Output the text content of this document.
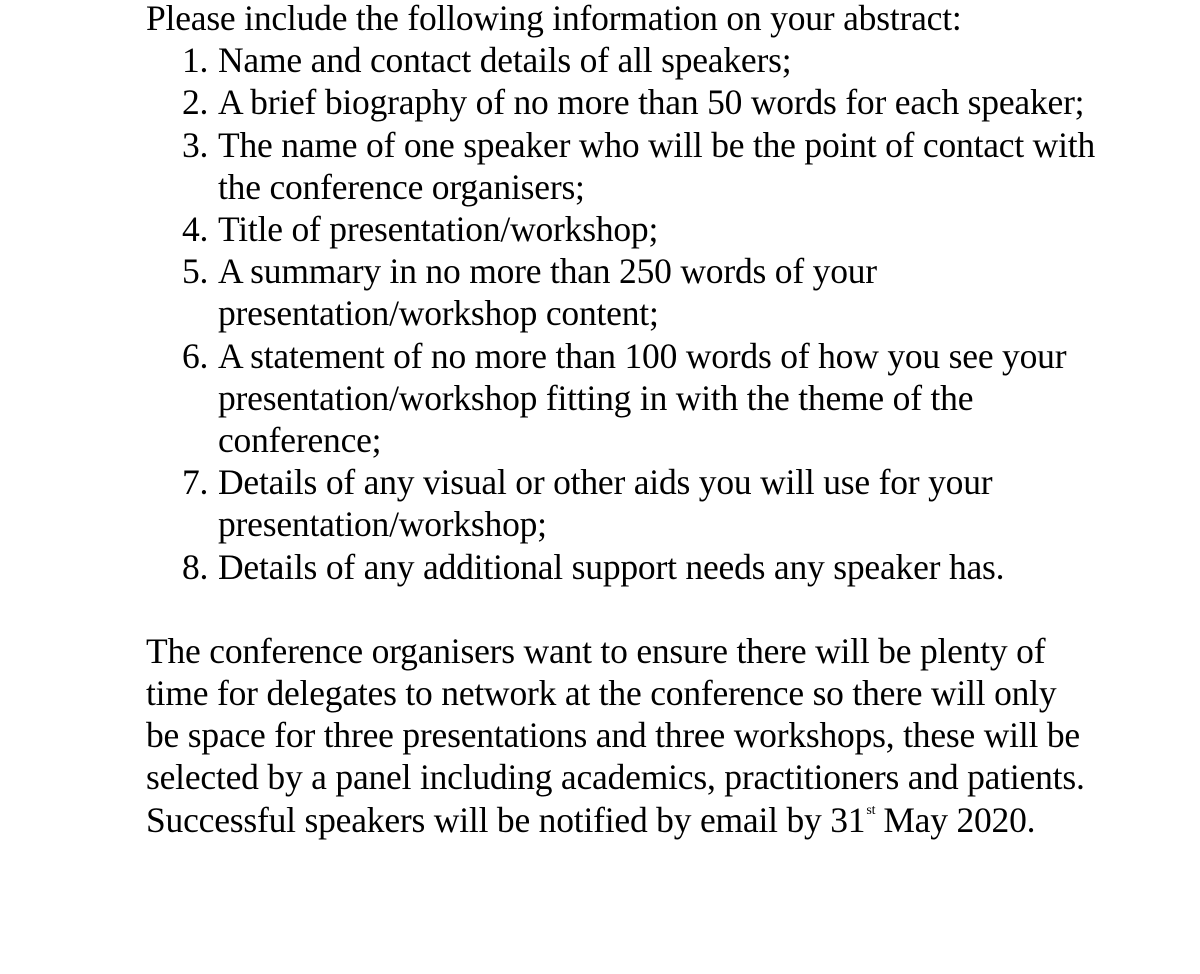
Please include the following information on your abstract:

1. Name and contact details of all speakers;
2. A brief biography of no more than 50 words for each speaker;
3. The name of one speaker who will be the point of contact with the conference organisers;
4. Title of presentation/workshop;
5. A summary in no more than 250 words of your presentation/workshop content;
6. A statement of no more than 100 words of how you see your presentation/workshop fitting in with the theme of the conference;
7. Details of any visual or other aids you will use for your presentation/workshop;
8. Details of any additional support needs any speaker has.

The conference organisers want to ensure there will be plenty of time for delegates to network at the conference so there will only be space for three presentations and three workshops, these will be selected by a panel including academics, practitioners and patients.

Successful speakers will be notified by email by 31st May 2020.
